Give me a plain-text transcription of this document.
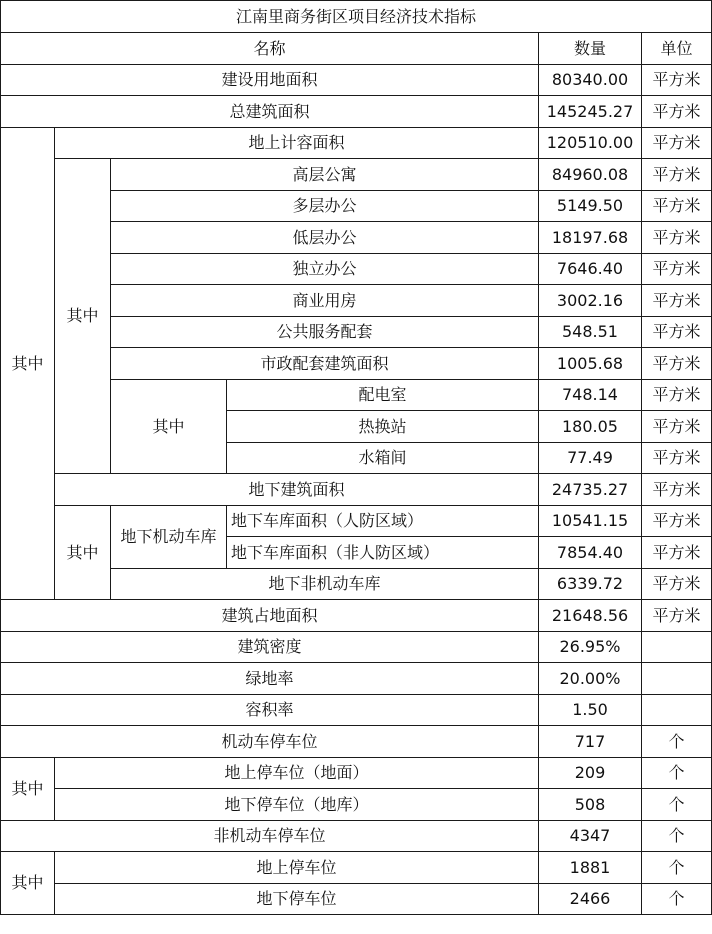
江南里商务街区项目经济技术指标					
名称				数量	单位
建设用地面积				80340.00	平方米
总建筑面积				145245.27	平方米
其中	地上计容面积			120510.00	平方米
	其中	高层公寓		84960.08	平方米
		多层办公		5149.50	平方米
		低层办公		18197.68	平方米
		独立办公		7646.40	平方米
		商业用房		3002.16	平方米
		公共服务配套		548.51	平方米
		市政配套建筑面积		1005.68	平方米
		其中	配电室	748.14	平方米
			热换站	180.05	平方米
			水箱间	77.49	平方米
	地下建筑面积			24735.27	平方米
	其中	地下机动车库	地下车库面积（人防区域）	10541.15	平方米
			地下车库面积（非人防区域）	7854.40	平方米
		地下非机动车库		6339.72	平方米
建筑占地面积				21648.56	平方米
建筑密度				26.95%	
绿地率				20.00%	
容积率				1.50	
机动车停车位				717	个
其中	地上停车位（地面）			209	个
	地下停车位（地库）			508	个
非机动车停车位				4347	个
其中	地上停车位			1881	个
	地下停车位			2466	个
